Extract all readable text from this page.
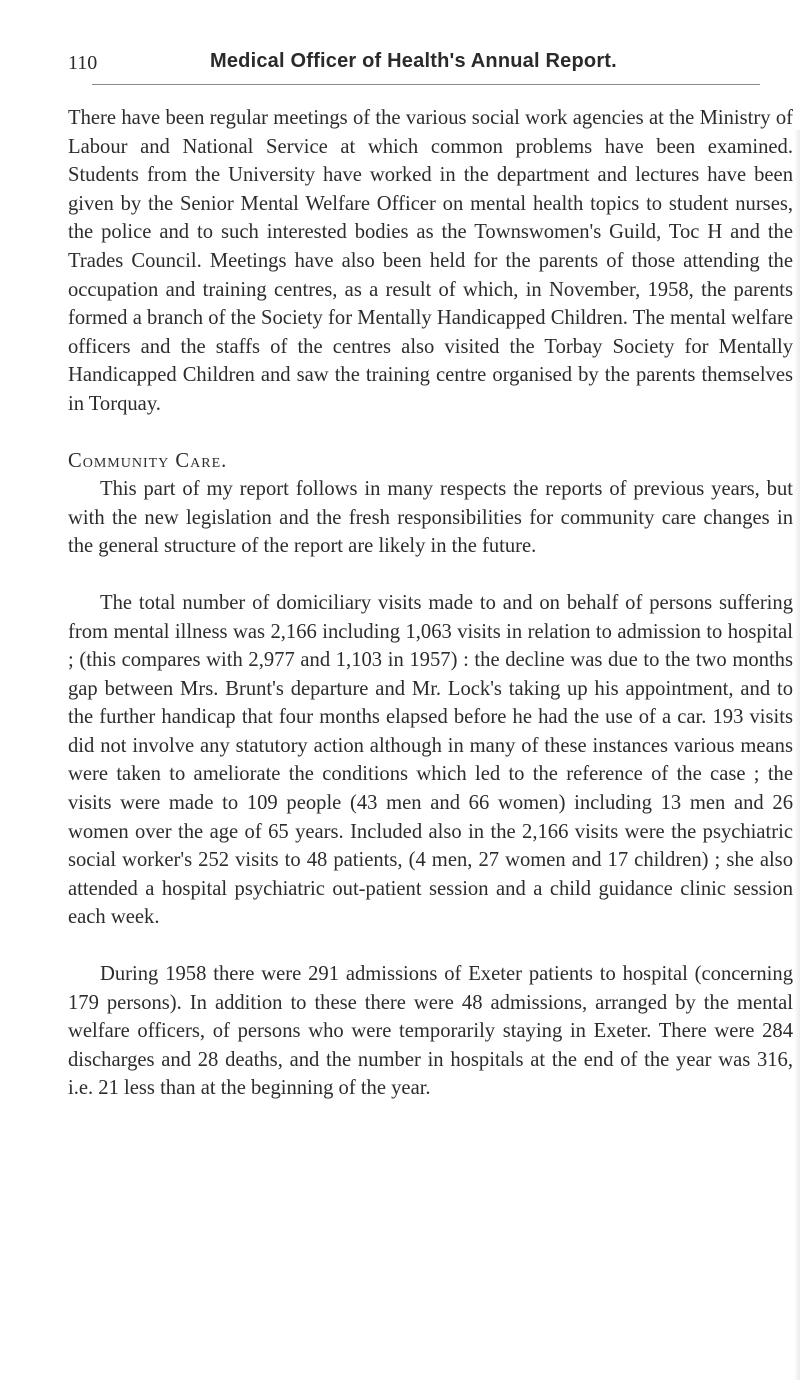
110	Medical Officer of Health's Annual Report.

There have been regular meetings of the various social work agencies at the Ministry of Labour and National Service at which common problems have been examined. Students from the University have worked in the department and lectures have been given by the Senior Mental Welfare Officer on mental health topics to student nurses, the police and to such interested bodies as the Townswomen's Guild, Toc H and the Trades Council. Meetings have also been held for the parents of those attending the occupation and training centres, as a result of which, in November, 1958, the parents formed a branch of the Society for Mentally Handicapped Children. The mental welfare officers and the staffs of the centres also visited the Torbay Society for Mentally Handicapped Children and saw the training centre organised by the parents themselves in Torquay.

Community Care.

This part of my report follows in many respects the reports of previous years, but with the new legislation and the fresh responsibilities for community care changes in the general structure of the report are likely in the future.

The total number of domiciliary visits made to and on behalf of persons suffering from mental illness was 2,166 including 1,063 visits in relation to admission to hospital ; (this compares with 2,977 and 1,103 in 1957) : the decline was due to the two months gap between Mrs. Brunt's departure and Mr. Lock's taking up his appointment, and to the further handicap that four months elapsed before he had the use of a car. 193 visits did not involve any statutory action although in many of these instances various means were taken to ameliorate the conditions which led to the reference of the case ; the visits were made to 109 people (43 men and 66 women) including 13 men and 26 women over the age of 65 years. Included also in the 2,166 visits were the psychiatric social worker's 252 visits to 48 patients, (4 men, 27 women and 17 children) ; she also attended a hospital psychiatric out-patient session and a child guidance clinic session each week.

During 1958 there were 291 admissions of Exeter patients to hospital (concerning 179 persons). In addition to these there were 48 admissions, arranged by the mental welfare officers, of persons who were temporarily staying in Exeter. There were 284 discharges and 28 deaths, and the number in hospitals at the end of the year was 316, i.e. 21 less than at the beginning of the year.
